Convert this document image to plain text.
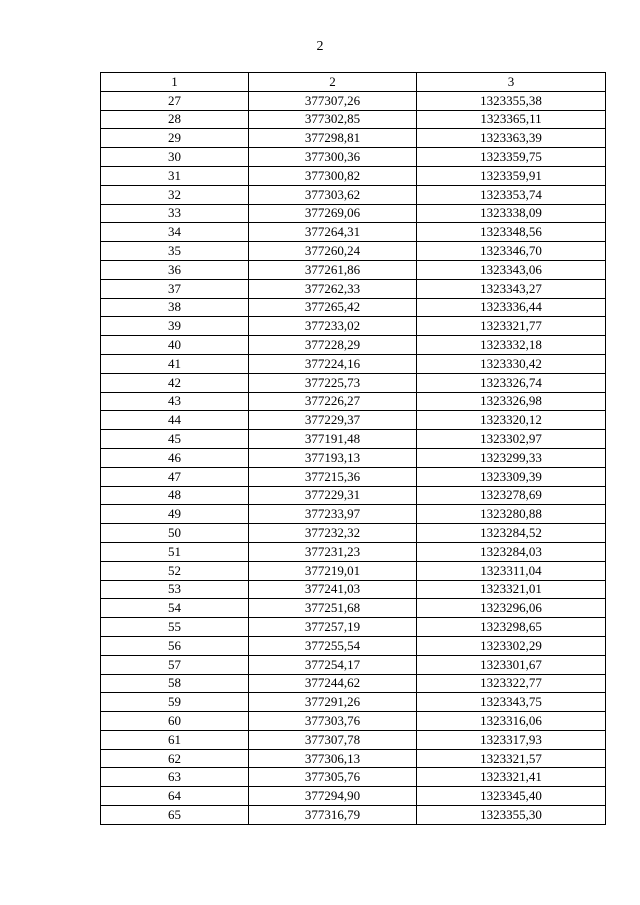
2
1	2	3
27	377307,26	1323355,38
28	377302,85	1323365,11
29	377298,81	1323363,39
30	377300,36	1323359,75
31	377300,82	1323359,91
32	377303,62	1323353,74
33	377269,06	1323338,09
34	377264,31	1323348,56
35	377260,24	1323346,70
36	377261,86	1323343,06
37	377262,33	1323343,27
38	377265,42	1323336,44
39	377233,02	1323321,77
40	377228,29	1323332,18
41	377224,16	1323330,42
42	377225,73	1323326,74
43	377226,27	1323326,98
44	377229,37	1323320,12
45	377191,48	1323302,97
46	377193,13	1323299,33
47	377215,36	1323309,39
48	377229,31	1323278,69
49	377233,97	1323280,88
50	377232,32	1323284,52
51	377231,23	1323284,03
52	377219,01	1323311,04
53	377241,03	1323321,01
54	377251,68	1323296,06
55	377257,19	1323298,65
56	377255,54	1323302,29
57	377254,17	1323301,67
58	377244,62	1323322,77
59	377291,26	1323343,75
60	377303,76	1323316,06
61	377307,78	1323317,93
62	377306,13	1323321,57
63	377305,76	1323321,41
64	377294,90	1323345,40
65	377316,79	1323355,30
